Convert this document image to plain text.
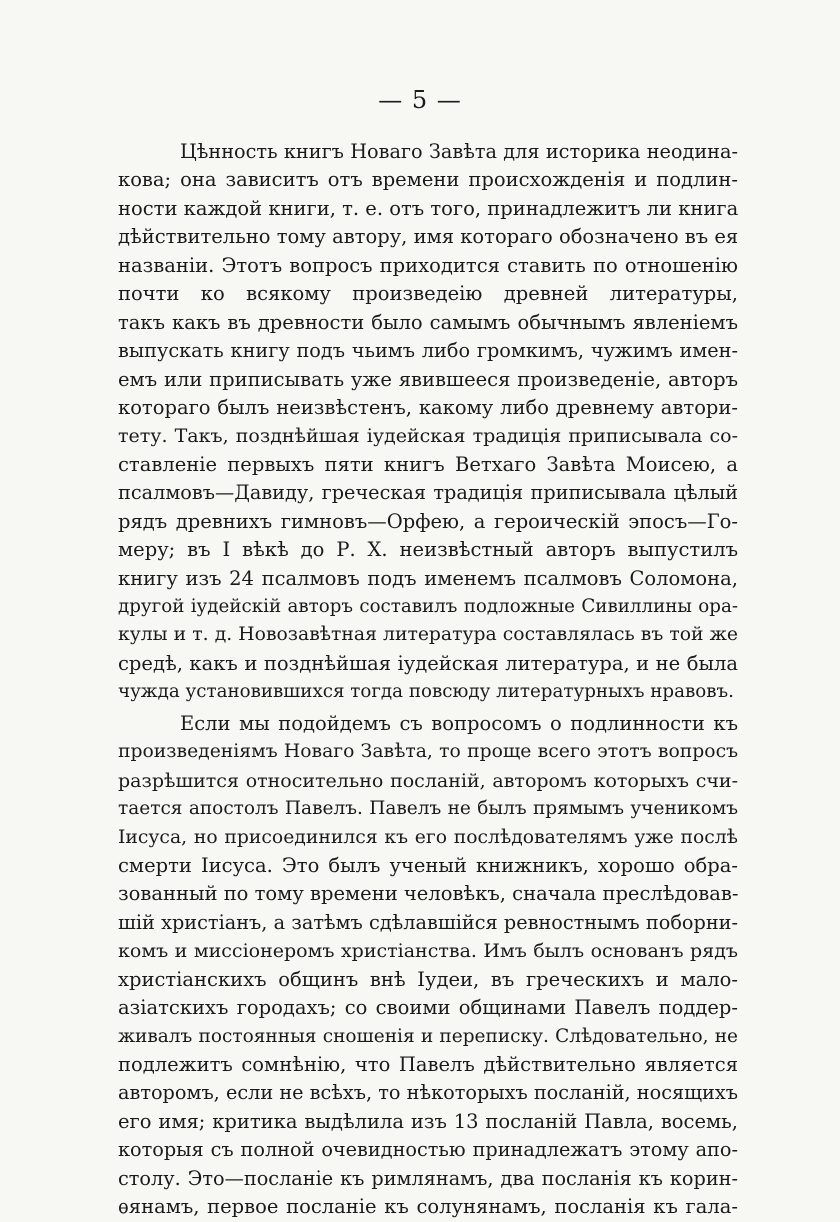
— 5 —
Цѣнность книгъ Новаго Завѣта для историка неодина-
кова; она зависитъ отъ времени происхожденія и подлин-
ности каждой книги, т. е. отъ того, принадлежитъ ли книга
дѣйствительно тому автору, имя котораго обозначено въ ея
названіи. Этотъ вопросъ приходится ставить по отношенію
почти ко всякому произведеію древней литературы,
такъ какъ въ древности было самымъ обычнымъ явленіемъ
выпускать книгу подъ чьимъ либо громкимъ, чужимъ имен-
емъ или приписывать уже явившееся произведеніе, авторъ
котораго былъ неизвѣстенъ, какому либо древнему автори-
тету. Такъ, позднѣйшая іудейская традиція приписывала со-
ставленіе первыхъ пяти книгъ Ветхаго Завѣта Моисею, а
псалмовъ—Давиду, греческая традиція приписывала цѣлый
рядъ древнихъ гимновъ—Орфею, а героическій эпосъ—Го-
меру; въ I вѣкѣ до Р. Х. неизвѣстный авторъ выпустилъ
книгу изъ 24 псалмовъ подъ именемъ псалмовъ Соломона,
другой іудейскій авторъ составилъ подложные Сивиллины ора-
кулы и т. д. Новозавѣтная литература составлялась въ той же
средѣ, какъ и позднѣйшая іудейская литература, и не была
чужда установившихся тогда повсюду литературныхъ нравовъ.
Если мы подойдемъ съ вопросомъ о подлинности къ
произведеніямъ Новаго Завѣта, то проще всего этотъ вопросъ
разрѣшится относительно посланій, авторомъ которыхъ счи-
тается апостолъ Павелъ. Павелъ не былъ прямымъ ученикомъ
Іисуса, но присоединился къ его послѣдователямъ уже послѣ
смерти Іисуса. Это былъ ученый книжникъ, хорошо обра-
зованный по тому времени человѣкъ, сначала преслѣдовав-
шій христіанъ, а затѣмъ сдѣлавшійся ревностнымъ поборни-
комъ и миссіонеромъ христіанства. Имъ былъ основанъ рядъ
христіанскихъ общинъ внѣ Іудеи, въ греческихъ и мало-
азіатскихъ городахъ; со своими общинами Павелъ поддер-
живалъ постоянныя сношенія и переписку. Слѣдовательно, не
подлежитъ сомнѣнію, что Павелъ дѣйствительно является
авторомъ, если не всѣхъ, то нѣкоторыхъ посланій, носящихъ
его имя; критика выдѣлила изъ 13 посланій Павла, восемь,
которыя съ полной очевидностью принадлежатъ этому апо-
столу. Это—посланіе къ римлянамъ, два посланія къ корин-
ѳянамъ, первое посланіе къ солунянамъ, посланія къ гала-
